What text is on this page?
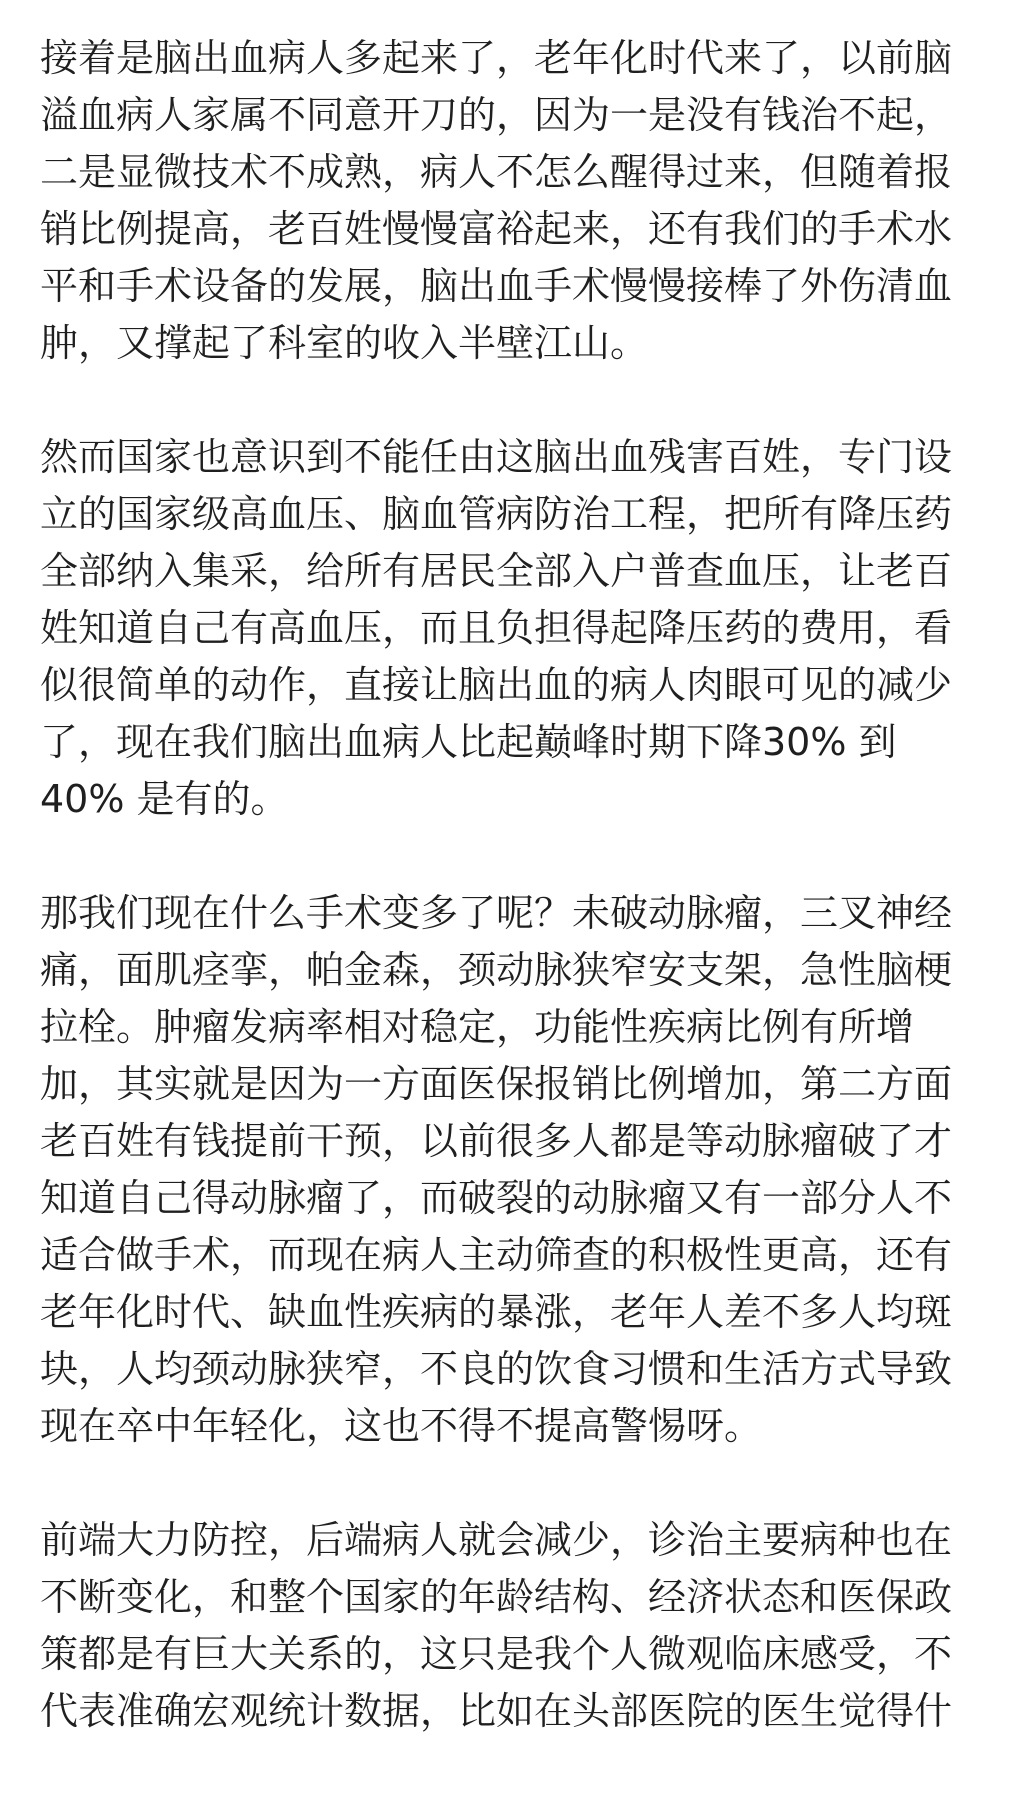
接着是脑出血病人多起来了，老年化时代来了，以前脑
溢血病人家属不同意开刀的，因为一是没有钱治不起，
二是显微技术不成熟，病人不怎么醒得过来，但随着报
销比例提高，老百姓慢慢富裕起来，还有我们的手术水
平和手术设备的发展，脑出血手术慢慢接棒了外伤清血
肿，又撑起了科室的收入半壁江山。
然而国家也意识到不能任由这脑出血残害百姓，专门设
立的国家级高血压、脑血管病防治工程，把所有降压药
全部纳入集采，给所有居民全部入户普查血压，让老百
姓知道自己有高血压，而且负担得起降压药的费用，看
似很简单的动作，直接让脑出血的病人肉眼可见的减少
了，现在我们脑出血病人比起巅峰时期下降30% 到
40% 是有的。
那我们现在什么手术变多了呢？未破动脉瘤，三叉神经
痛，面肌痉挛，帕金森，颈动脉狭窄安支架，急性脑梗
拉栓。肿瘤发病率相对稳定，功能性疾病比例有所增
加，其实就是因为一方面医保报销比例增加，第二方面
老百姓有钱提前干预，以前很多人都是等动脉瘤破了才
知道自己得动脉瘤了，而破裂的动脉瘤又有一部分人不
适合做手术，而现在病人主动筛查的积极性更高，还有
老年化时代、缺血性疾病的暴涨，老年人差不多人均斑
块，人均颈动脉狭窄，不良的饮食习惯和生活方式导致
现在卒中年轻化，这也不得不提高警惕呀。
前端大力防控，后端病人就会减少，诊治主要病种也在
不断变化，和整个国家的年龄结构、经济状态和医保政
策都是有巨大关系的，这只是我个人微观临床感受，不
代表准确宏观统计数据，比如在头部医院的医生觉得什
